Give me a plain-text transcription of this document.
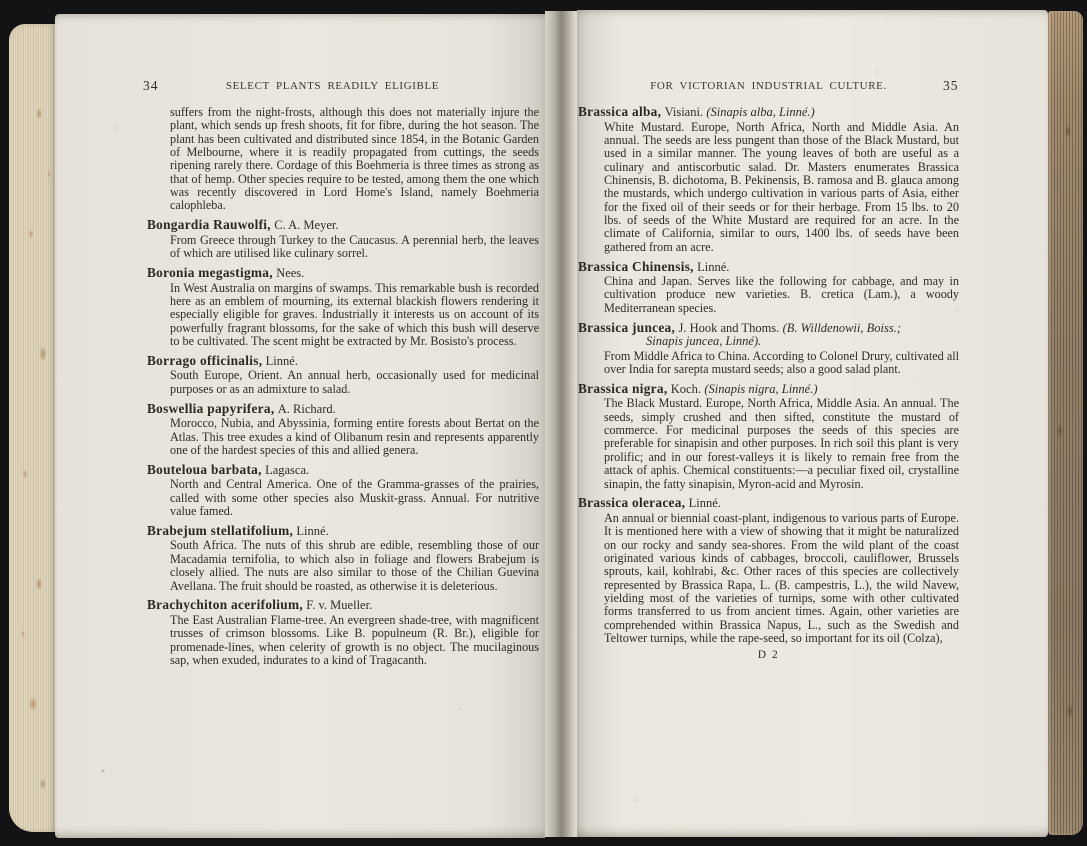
34	SELECT PLANTS READILY ELIGIBLE
suffers from the night-frosts, although this does not materially injure the plant, which sends up fresh shoots, fit for fibre, during the hot season. The plant has been cultivated and distributed since 1854, in the Botanic Garden of Melbourne, where it is readily propagated from cuttings, the seeds ripening rarely there. Cordage of this Boehmeria is three times as strong as that of hemp. Other species require to be tested, among them the one which was recently discovered in Lord Home's Island, namely Boehmeria calophleba.
Bongardia Rauwolfi, C. A. Meyer.
From Greece through Turkey to the Caucasus. A perennial herb, the leaves of which are utilised like culinary sorrel.
Boronia megastigma, Nees.
In West Australia on margins of swamps. This remarkable bush is recorded here as an emblem of mourning, its external blackish flowers rendering it especially eligible for graves. Industrially it interests us on account of its powerfully fragrant blossoms, for the sake of which this bush will deserve to be cultivated. The scent might be extracted by Mr. Bosisto's process.
Borrago officinalis, Linné.
South Europe, Orient. An annual herb, occasionally used for medicinal purposes or as an admixture to salad.
Boswellia papyrifera, A. Richard.
Morocco, Nubia, and Abyssinia, forming entire forests about Bertat on the Atlas. This tree exudes a kind of Olibanum resin and represents apparently one of the hardest species of this and allied genera.
Bouteloua barbata, Lagasca.
North and Central America. One of the Gramma-grasses of the prairies, called with some other species also Muskit-grass. Annual. For nutritive value famed.
Brabejum stellatifolium, Linné.
South Africa. The nuts of this shrub are edible, resembling those of our Macadamia ternifolia, to which also in foliage and flowers Brabejum is closely allied. The nuts are also similar to those of the Chilian Guevina Avellana. The fruit should be roasted, as otherwise it is deleterious.
Brachychiton acerifolium, F. v. Mueller.
The East Australian Flame-tree. An evergreen shade-tree, with magnificent trusses of crimson blossoms. Like B. populneum (R. Br.), eligible for promenade-lines, when celerity of growth is no object. The mucilaginous sap, when exuded, indurates to a kind of Tragacanth.
FOR VICTORIAN INDUSTRIAL CULTURE.	35
Brassica alba, Visiani. (Sinapis alba, Linné.)
White Mustard. Europe, North Africa, North and Middle Asia. An annual. The seeds are less pungent than those of the Black Mustard, but used in a similar manner. The young leaves of both are useful as a culinary and antiscorbutic salad. Dr. Masters enumerates Brassica Chinensis, B. dichotoma, B. Pekinensis, B. ramosa and B. glauca among the mustards, which undergo cultivation in various parts of Asia, either for the fixed oil of their seeds or for their herbage. From 15 lbs. to 20 lbs. of seeds of the White Mustard are required for an acre. In the climate of California, similar to ours, 1400 lbs. of seeds have been gathered from an acre.
Brassica Chinensis, Linné.
China and Japan. Serves like the following for cabbage, and may in cultivation produce new varieties. B. cretica (Lam.), a woody Mediterranean species.
Brassica juncea, J. Hook and Thoms. (B. Willdenowii, Boiss.;
Sinapis juncea, Linné).
From Middle Africa to China. According to Colonel Drury, cultivated all over India for sarepta mustard seeds; also a good salad plant.
Brassica nigra, Koch. (Sinapis nigra, Linné.)
The Black Mustard. Europe, North Africa, Middle Asia. An annual. The seeds, simply crushed and then sifted, constitute the mustard of commerce. For medicinal purposes the seeds of this species are preferable for sinapisin and other purposes. In rich soil this plant is very prolific; and in our forest-valleys it is likely to remain free from the attack of aphis. Chemical constituents:—a peculiar fixed oil, crystalline sinapin, the fatty sinapisin, Myron-acid and Myrosin.
Brassica oleracea, Linné.
An annual or biennial coast-plant, indigenous to various parts of Europe. It is mentioned here with a view of showing that it might be naturalized on our rocky and sandy sea-shores. From the wild plant of the coast originated various kinds of cabbages, broccoli, cauliflower, Brussels sprouts, kail, kohlrabi, &c. Other races of this species are collectively represented by Brassica Rapa, L. (B. campestris, L.), the wild Navew, yielding most of the varieties of turnips, some with other cultivated forms transferred to us from ancient times. Again, other varieties are comprehended within Brassica Napus, L., such as the Swedish and Teltower turnips, while the rape-seed, so important for its oil (Colza),
D 2
